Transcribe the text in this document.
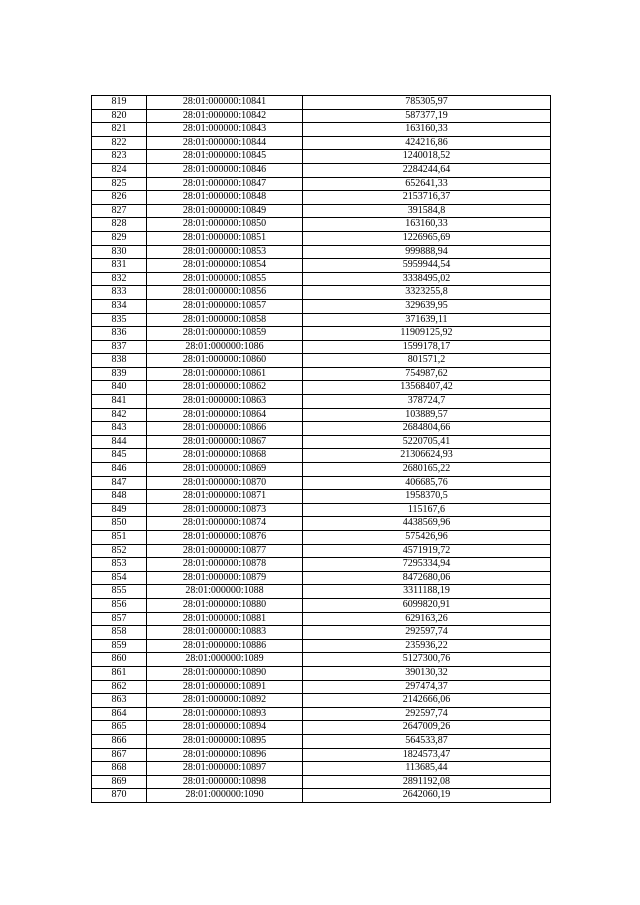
819	28:01:000000:10841	785305,97
820	28:01:000000:10842	587377,19
821	28:01:000000:10843	163160,33
822	28:01:000000:10844	424216,86
823	28:01:000000:10845	1240018,52
824	28:01:000000:10846	2284244,64
825	28:01:000000:10847	652641,33
826	28:01:000000:10848	2153716,37
827	28:01:000000:10849	391584,8
828	28:01:000000:10850	163160,33
829	28:01:000000:10851	1226965,69
830	28:01:000000:10853	999888,94
831	28:01:000000:10854	5959944,54
832	28:01:000000:10855	3338495,02
833	28:01:000000:10856	3323255,8
834	28:01:000000:10857	329639,95
835	28:01:000000:10858	371639,11
836	28:01:000000:10859	11909125,92
837	28:01:000000:1086	1599178,17
838	28:01:000000:10860	801571,2
839	28:01:000000:10861	754987,62
840	28:01:000000:10862	13568407,42
841	28:01:000000:10863	378724,7
842	28:01:000000:10864	103889,57
843	28:01:000000:10866	2684804,66
844	28:01:000000:10867	5220705,41
845	28:01:000000:10868	21306624,93
846	28:01:000000:10869	2680165,22
847	28:01:000000:10870	406685,76
848	28:01:000000:10871	1958370,5
849	28:01:000000:10873	115167,6
850	28:01:000000:10874	4438569,96
851	28:01:000000:10876	575426,96
852	28:01:000000:10877	4571919,72
853	28:01:000000:10878	7295334,94
854	28:01:000000:10879	8472680,06
855	28:01:000000:1088	3311188,19
856	28:01:000000:10880	6099820,91
857	28:01:000000:10881	629163,26
858	28:01:000000:10883	292597,74
859	28:01:000000:10886	235936,22
860	28:01:000000:1089	5127300,76
861	28:01:000000:10890	390130,32
862	28:01:000000:10891	297474,37
863	28:01:000000:10892	2142666,06
864	28:01:000000:10893	292597,74
865	28:01:000000:10894	2647009,26
866	28:01:000000:10895	564533,87
867	28:01:000000:10896	1824573,47
868	28:01:000000:10897	113685,44
869	28:01:000000:10898	2891192,08
870	28:01:000000:1090	2642060,19
